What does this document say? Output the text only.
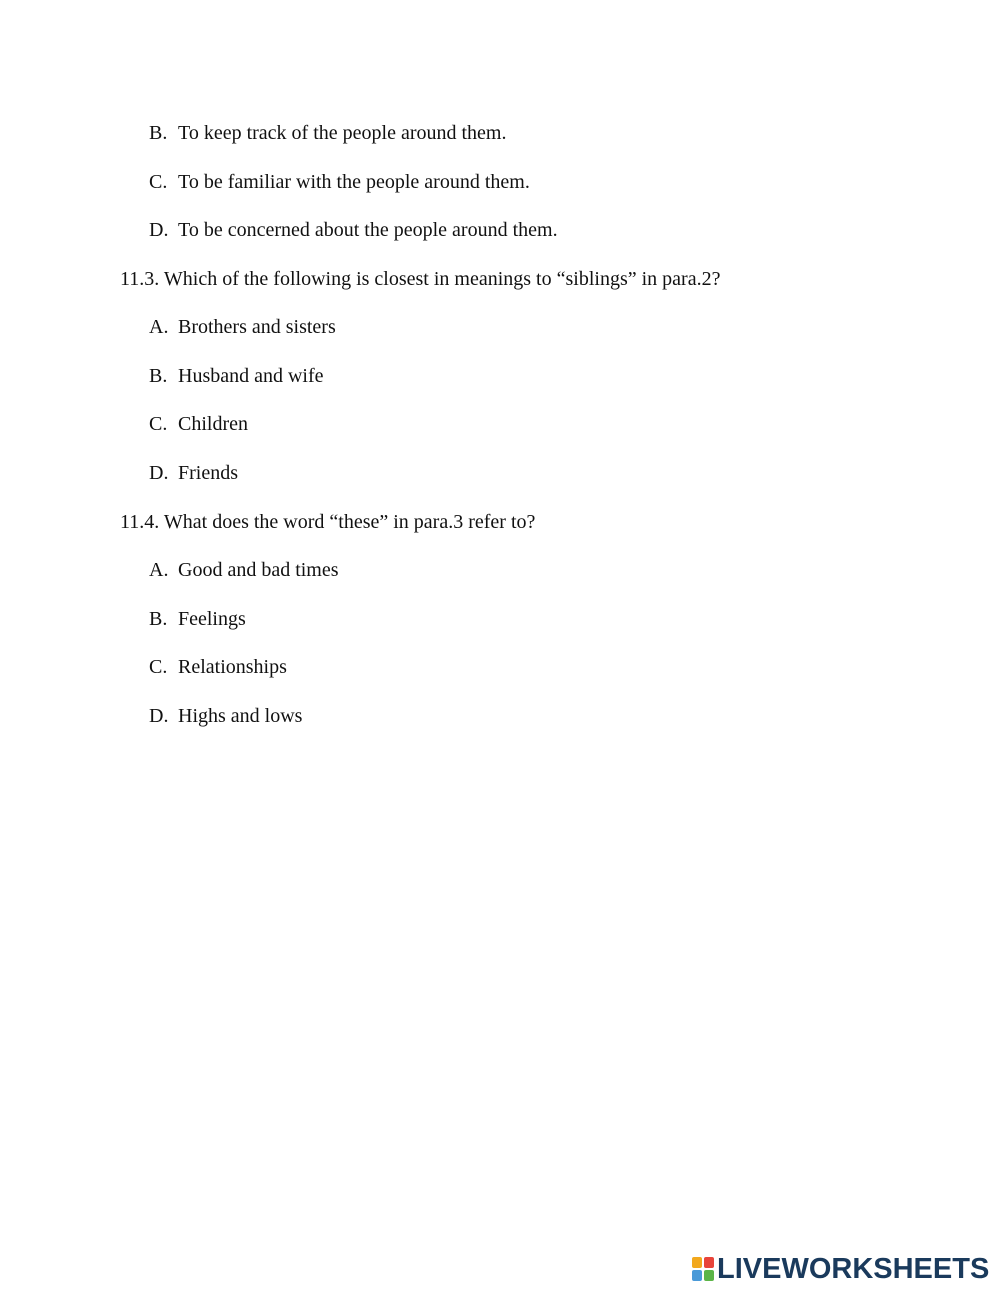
B. To keep track of the people around them.
C. To be familiar with the people around them.
D. To be concerned about the people around them.
11.3. Which of the following is closest in meanings to “siblings” in para.2?
A. Brothers and sisters
B. Husband and wife
C. Children
D. Friends
11.4. What does the word “these” in para.3 refer to?
A. Good and bad times
B. Feelings
C. Relationships
D. Highs and lows
LIVEWORKSHEETS
